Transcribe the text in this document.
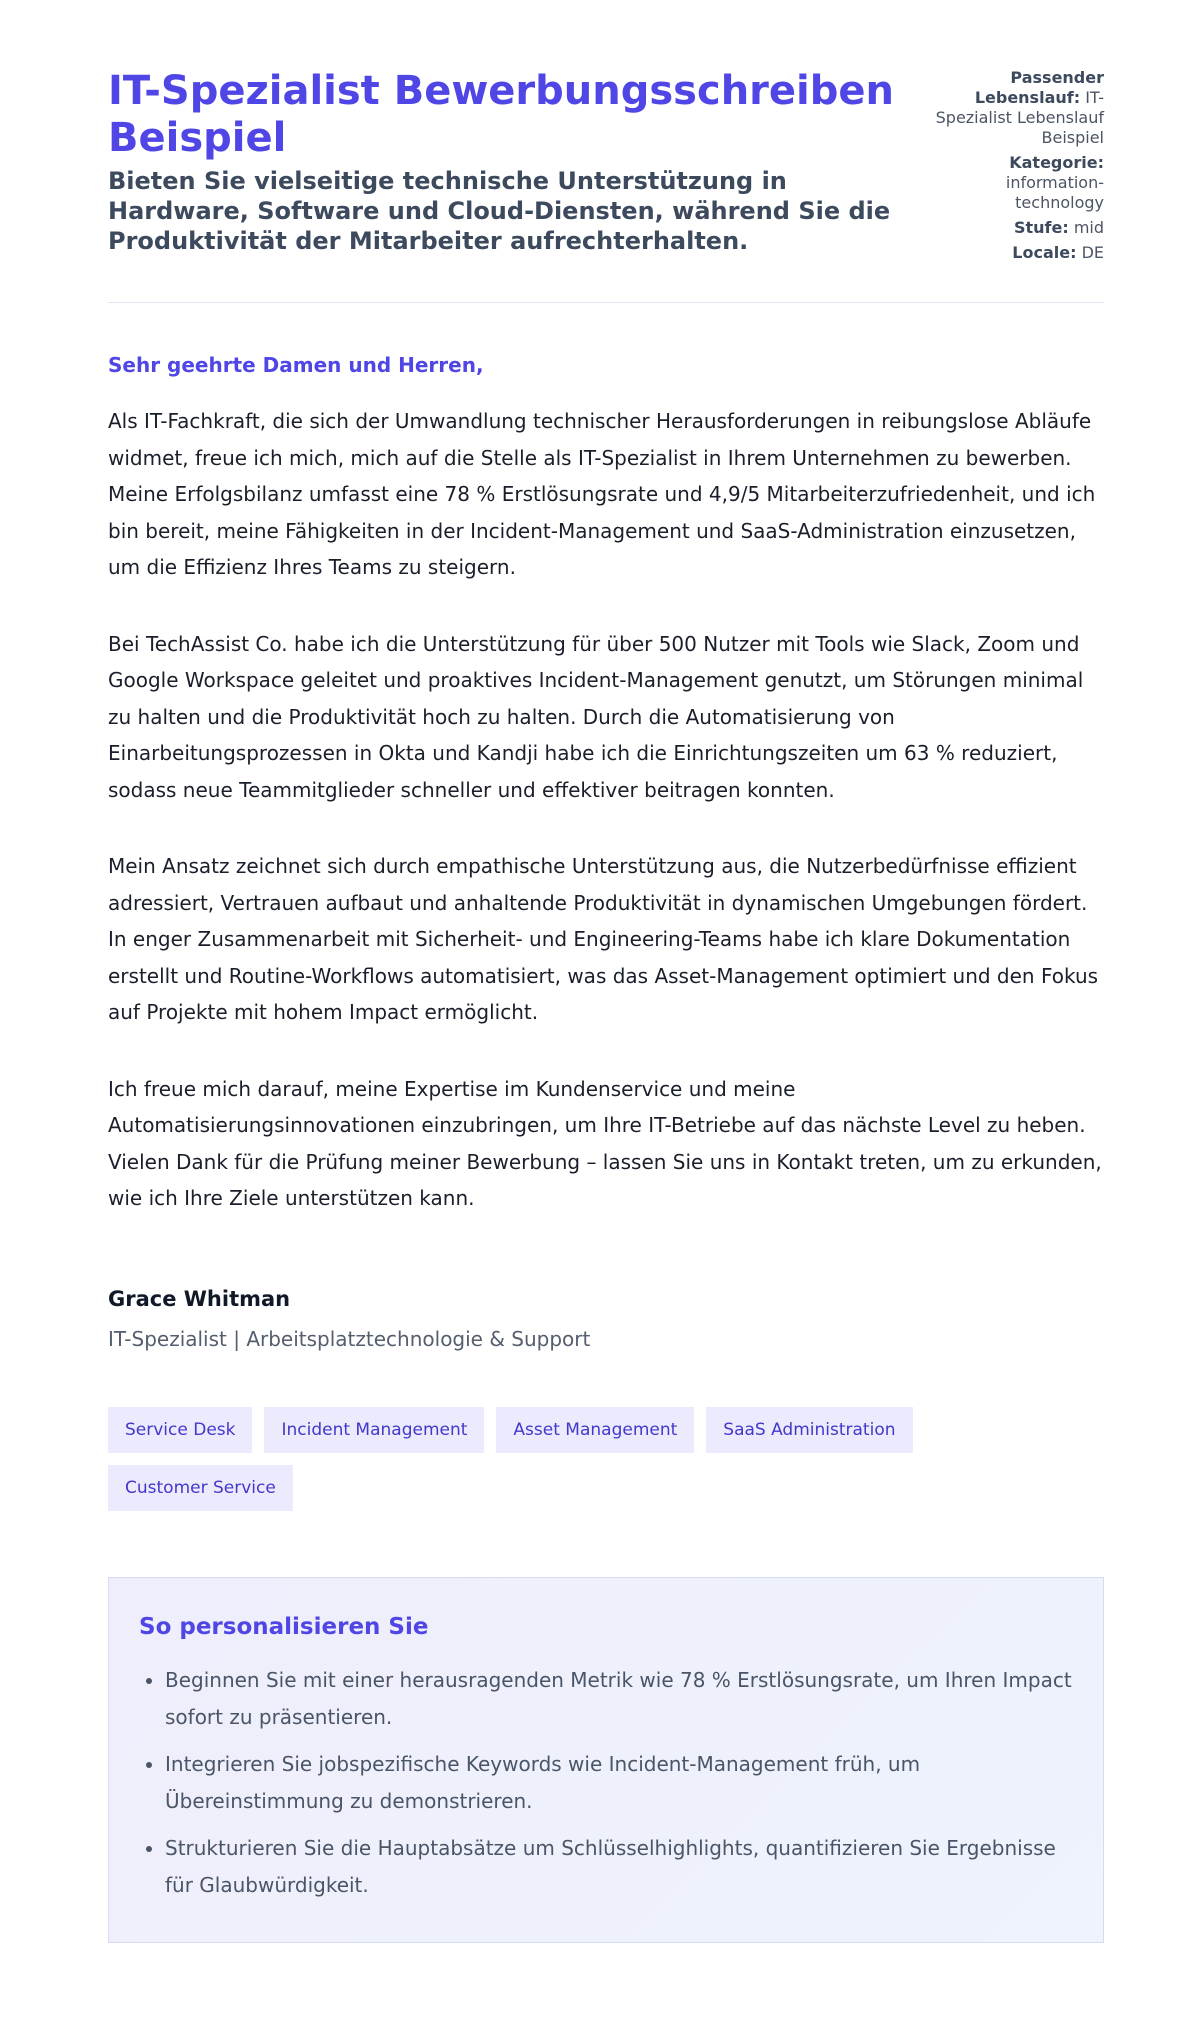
IT-Spezialist Bewerbungsschreiben Beispiel
Bieten Sie vielseitige technische Unterstützung in Hardware, Software und Cloud-Diensten, während Sie die Produktivität der Mitarbeiter aufrechterhalten.
Passender Lebenslauf: IT-Spezialist Lebenslauf Beispiel
Kategorie: information-technology
Stufe: mid
Locale: DE
Sehr geehrte Damen und Herren,

Als IT-Fachkraft, die sich der Umwandlung technischer Herausforderungen in reibungslose Abläufe widmet, freue ich mich, mich auf die Stelle als IT-Spezialist in Ihrem Unternehmen zu bewerben. Meine Erfolgsbilanz umfasst eine 78 % Erstlösungsrate und 4,9/5 Mitarbeiterzufriedenheit, und ich bin bereit, meine Fähigkeiten in der Incident-Management und SaaS-Administration einzusetzen, um die Effizienz Ihres Teams zu steigern.

Bei TechAssist Co. habe ich die Unterstützung für über 500 Nutzer mit Tools wie Slack, Zoom und Google Workspace geleitet und proaktives Incident-Management genutzt, um Störungen minimal zu halten und die Produktivität hoch zu halten. Durch die Automatisierung von Einarbeitungsprozessen in Okta und Kandji habe ich die Einrichtungszeiten um 63 % reduziert, sodass neue Teammitglieder schneller und effektiver beitragen konnten.

Mein Ansatz zeichnet sich durch empathische Unterstützung aus, die Nutzerbedürfnisse effizient adressiert, Vertrauen aufbaut und anhaltende Produktivität in dynamischen Umgebungen fördert. In enger Zusammenarbeit mit Sicherheit- und Engineering-Teams habe ich klare Dokumentation erstellt und Routine-Workflows automatisiert, was das Asset-Management optimiert und den Fokus auf Projekte mit hohem Impact ermöglicht.

Ich freue mich darauf, meine Expertise im Kundenservice und meine Automatisierungsinnovationen einzubringen, um Ihre IT-Betriebe auf das nächste Level zu heben. Vielen Dank für die Prüfung meiner Bewerbung – lassen Sie uns in Kontakt treten, um zu erkunden, wie ich Ihre Ziele unterstützen kann.

Grace Whitman
IT-Spezialist | Arbeitsplatztechnologie & Support
Service Desk	Incident Management	Asset Management	SaaS Administration
Customer Service
So personalisieren Sie
• Beginnen Sie mit einer herausragenden Metrik wie 78 % Erstlösungsrate, um Ihren Impact sofort zu präsentieren.
• Integrieren Sie jobspezifische Keywords wie Incident-Management früh, um Übereinstimmung zu demonstrieren.
• Strukturieren Sie die Hauptabsätze um Schlüsselhighlights, quantifizieren Sie Ergebnisse für Glaubwürdigkeit.
